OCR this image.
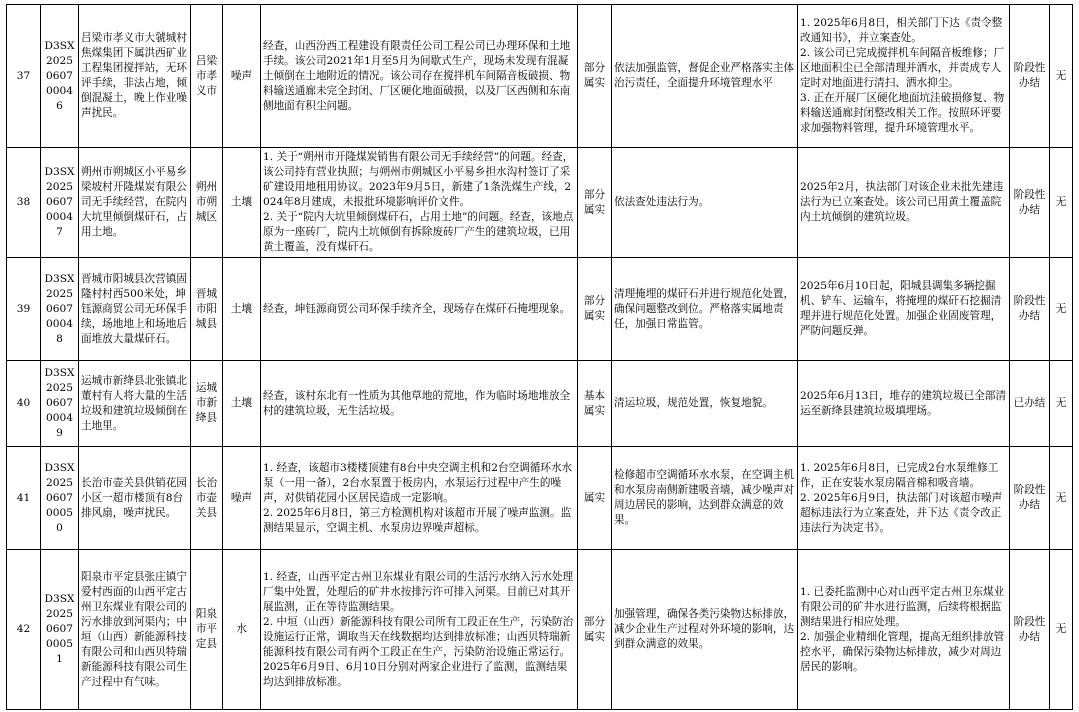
37	D3SX2025060700046	吕梁市孝义市大虢城村焦煤集团下属洪西矿业工程集团搅拌站，无环评手续，非法占地，倾倒混凝土，晚上作业噪声扰民。	吕梁市孝义市	噪声	经查，山西汾西工程建设有限责任公司工程公司已办理环保和土地手续。该公司2021年1月至5月为间歇式生产，现场未发现有混凝土倾倒在土地附近的情况。该公司存在搅拌机车间隔音板破损、物料输送通廊未完全封闭、厂区硬化地面破损，以及厂区西侧和东南侧地面有积尘问题。	部分属实	依法加强监管，督促企业严格落实主体治污责任，全面提升环境管理水平	1. 2025年6月8日，相关部门下达《责令整改通知书》，并立案查处。
2. 该公司已完成搅拌机车间隔音板维修；厂区地面积尘已全部清理并洒水，并责成专人定时对地面进行清扫、洒水抑尘。
3. 正在开展厂区硬化地面坑洼破损修复、物料输送通廊封闭整改相关工作。按照环评要求加强物料管理，提升环境管理水平。	阶段性办结	无
38	D3SX2025060700047	朔州市朔城区小平易乡梁坡村开隆煤炭有限公司无手续经营，在院内大坑里倾倒煤矸石，占用土地。	朔州市朔城区	土壤	1. 关于“朔州市开隆煤炭销售有限公司无手续经营”的问题。经查，该公司持有营业执照；与朔州市朔城区小平易乡担水沟村签订了采矿建设用地租用协议。2023年9月5日，新建了1条洗煤生产线，2024年8月建成，未报批环境影响评价文件。
2. 关于“院内大坑里倾倒煤矸石，占用土地”的问题。经查，该地点原为一座砖厂，院内土坑倾倒有拆除废砖厂产生的建筑垃圾，已用黄土覆盖，没有煤矸石。	部分属实	依法查处违法行为。	2025年2月，执法部门对该企业未批先建违法行为已立案查处。该公司已用黄土覆盖院内土坑倾倒的建筑垃圾。	阶段性办结	无
39	D3SX2025060700048	晋城市阳城县次营镇固隆村村西500米处，坤钰源商贸公司无环保手续，场地地上和场地后面堆放大量煤矸石。	晋城市阳城县	土壤	经查，坤钰源商贸公司环保手续齐全，现场存在煤矸石掩埋现象。	部分属实	清理掩埋的煤矸石并进行规范化处置，确保问题整改到位。严格落实属地责任，加强日常监管。	2025年6月10日起，阳城县调集多辆挖掘机、铲车、运输车，将掩埋的煤矸石挖掘清理并进行规范化处置。加强企业固废管理，严防问题反弹。	阶段性办结	无
40	D3SX2025060700049	运城市新绛县北张镇北董村有人将大量的生活垃圾和建筑垃圾倾倒在土地里。	运城市新绛县	土壤	经查，该村东北有一性质为其他草地的荒地，作为临时场地堆放全村的建筑垃圾，无生活垃圾。	基本属实	清运垃圾，规范处置，恢复地貌。	2025年6月13日，堆存的建筑垃圾已全部清运至新绛县建筑垃圾填埋场。	已办结	无
41	D3SX2025060700050	长治市壶关县供销花园小区一超市楼顶有8台排风扇，噪声扰民。	长治市壶关县	噪声	1. 经查，该超市3楼楼顶建有8台中央空调主机和2台空调循环水水泵（一用一备），2台水泵置于板房内，水泵运行过程中产生的噪声，对供销花园小区居民造成一定影响。
2. 2025年6月8日，第三方检测机构对该超市开展了噪声监测。监测结果显示，空调主机、水泵房边界噪声超标。	属实	检修超市空调循环水水泵，在空调主机和水泵房南侧新建吸音墙，减少噪声对周边居民的影响，达到群众满意的效果。	1. 2025年6月8日，已完成2台水泵维修工作，正在安装水泵房隔音棉和吸音墙。
2. 2025年6月9日，执法部门对该超市噪声超标违法行为立案查处，并下达《责令改正违法行为决定书》。	阶段性办结	无
42	D3SX2025060700051	阳泉市平定县张庄镇宁爱村西面的山西平定古州卫东煤业有限公司的污水排放到河渠内；中垣（山西）新能源科技有限公司和山西贝特瑞新能源科技有限公司生产过程中有气味。	阳泉市平定县	水	1. 经查，山西平定古州卫东煤业有限公司的生活污水纳入污水处理厂集中处置，处理后的矿井水按排污许可排入河渠。目前已对其开展监测，正在等待监测结果。
2. 中垣（山西）新能源科技有限公司所有工段正在生产，污染防治设施运行正常，调取当天在线数据均达到排放标准；山西贝特瑞新能源科技有限公司有两个工段正在生产，污染防治设施正常运行。2025年6月9日、6月10日分别对两家企业进行了监测，监测结果均达到排放标准。	部分属实	加强管理，确保各类污染物达标排放，减少企业生产过程对外环境的影响，达到群众满意的效果。	1. 已委托监测中心对山西平定古州卫东煤业有限公司的矿井水进行监测，后续将根据监测结果进行相应处理。
2. 加强企业精细化管理，提高无组织排放管控水平，确保污染物达标排放，减少对周边居民的影响。	阶段性办结	无
